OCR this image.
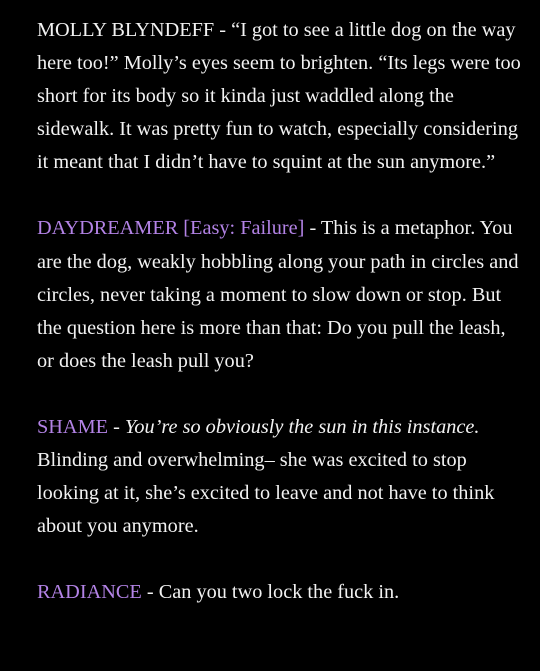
MOLLY BLYNDEFF - “I got to see a little dog on the way here too!” Molly’s eyes seem to brighten. “Its legs were too short for its body so it kinda just waddled along the sidewalk. It was pretty fun to watch, especially considering it meant that I didn’t have to squint at the sun anymore.”

DAYDREAMER [Easy: Failure] - This is a metaphor. You are the dog, weakly hobbling along your path in circles and circles, never taking a moment to slow down or stop. But the question here is more than that: Do you pull the leash, or does the leash pull you?

SHAME - You’re so obviously the sun in this instance. Blinding and overwhelming– she was excited to stop looking at it, she’s excited to leave and not have to think about you anymore.

RADIANCE - Can you two lock the fuck in.
